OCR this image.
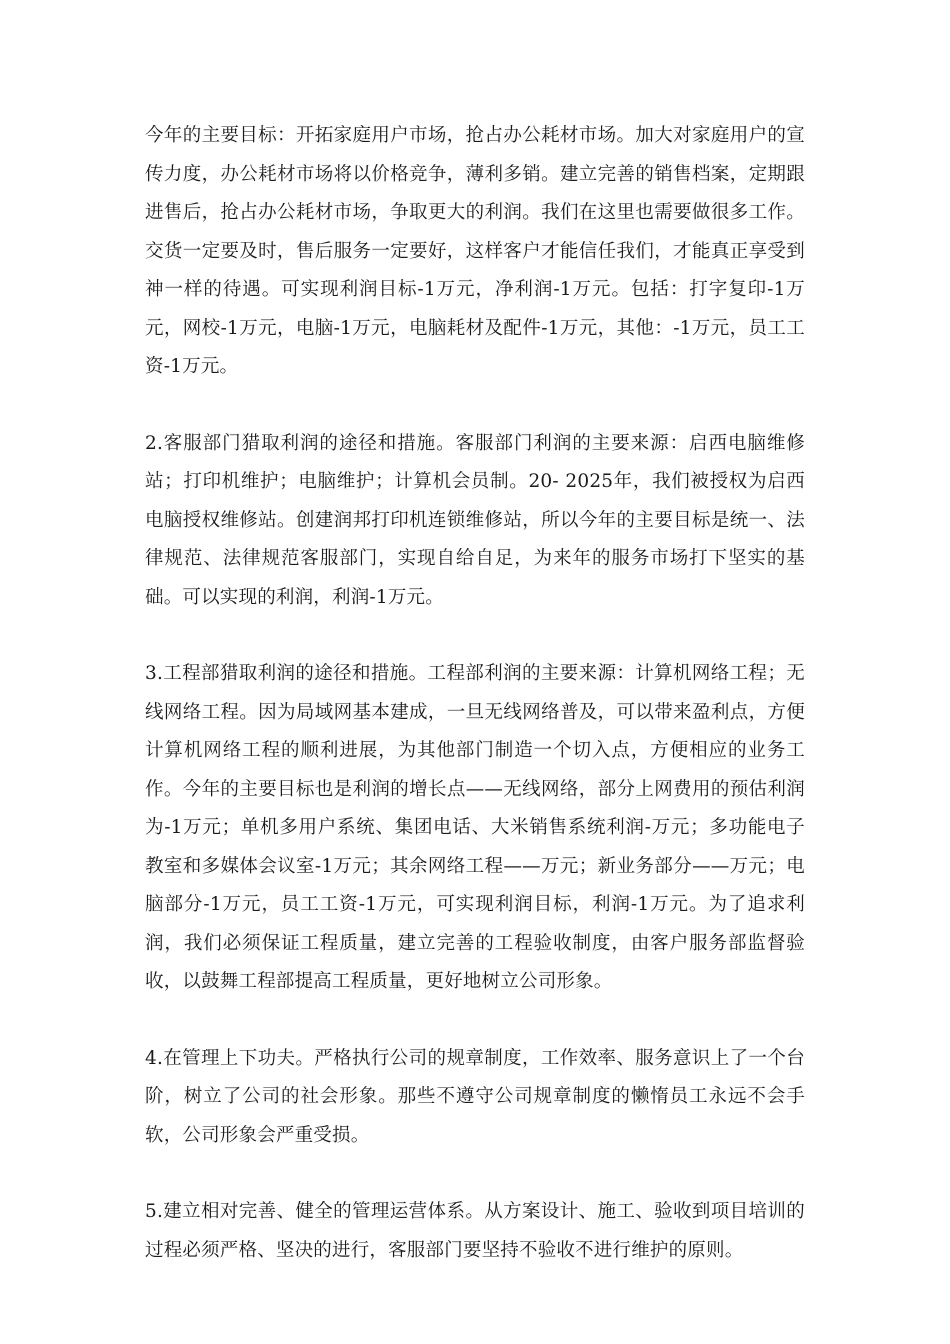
今年的主要目标：开拓家庭用户市场，抢占办公耗材市场。加大对家庭用户的宣传力度，办公耗材市场将以价格竞争，薄利多销。建立完善的销售档案，定期跟进售后，抢占办公耗材市场，争取更大的利润。我们在这里也需要做很多工作。交货一定要及时，售后服务一定要好，这样客户才能信任我们，才能真正享受到神一样的待遇。可实现利润目标-1万元，净利润-1万元。包括：打字复印-1万元，网校-1万元，电脑-1万元，电脑耗材及配件-1万元，其他：-1万元，员工工资-1万元。

2.客服部门猎取利润的途径和措施。客服部门利润的主要来源：启西电脑维修站；打印机维护；电脑维护；计算机会员制。20- 2025年，我们被授权为启西电脑授权维修站。创建润邦打印机连锁维修站，所以今年的主要目标是统一、法律规范、法律规范客服部门，实现自给自足，为来年的服务市场打下坚实的基础。可以实现的利润，利润-1万元。

3.工程部猎取利润的途径和措施。工程部利润的主要来源：计算机网络工程；无线网络工程。因为局域网基本建成，一旦无线网络普及，可以带来盈利点，方便计算机网络工程的顺利进展，为其他部门制造一个切入点，方便相应的业务工作。今年的主要目标也是利润的增长点——无线网络，部分上网费用的预估利润为-1万元；单机多用户系统、集团电话、大米销售系统利润-万元；多功能电子教室和多媒体会议室-1万元；其余网络工程——万元；新业务部分——万元；电脑部分-1万元，员工工资-1万元，可实现利润目标，利润-1万元。为了追求利润，我们必须保证工程质量，建立完善的工程验收制度，由客户服务部监督验收，以鼓舞工程部提高工程质量，更好地树立公司形象。

4.在管理上下功夫。严格执行公司的规章制度，工作效率、服务意识上了一个台阶，树立了公司的社会形象。那些不遵守公司规章制度的懒惰员工永远不会手软，公司形象会严重受损。

5.建立相对完善、健全的管理运营体系。从方案设计、施工、验收到项目培训的过程必须严格、坚决的进行，客服部门要坚持不验收不进行维护的原则。
